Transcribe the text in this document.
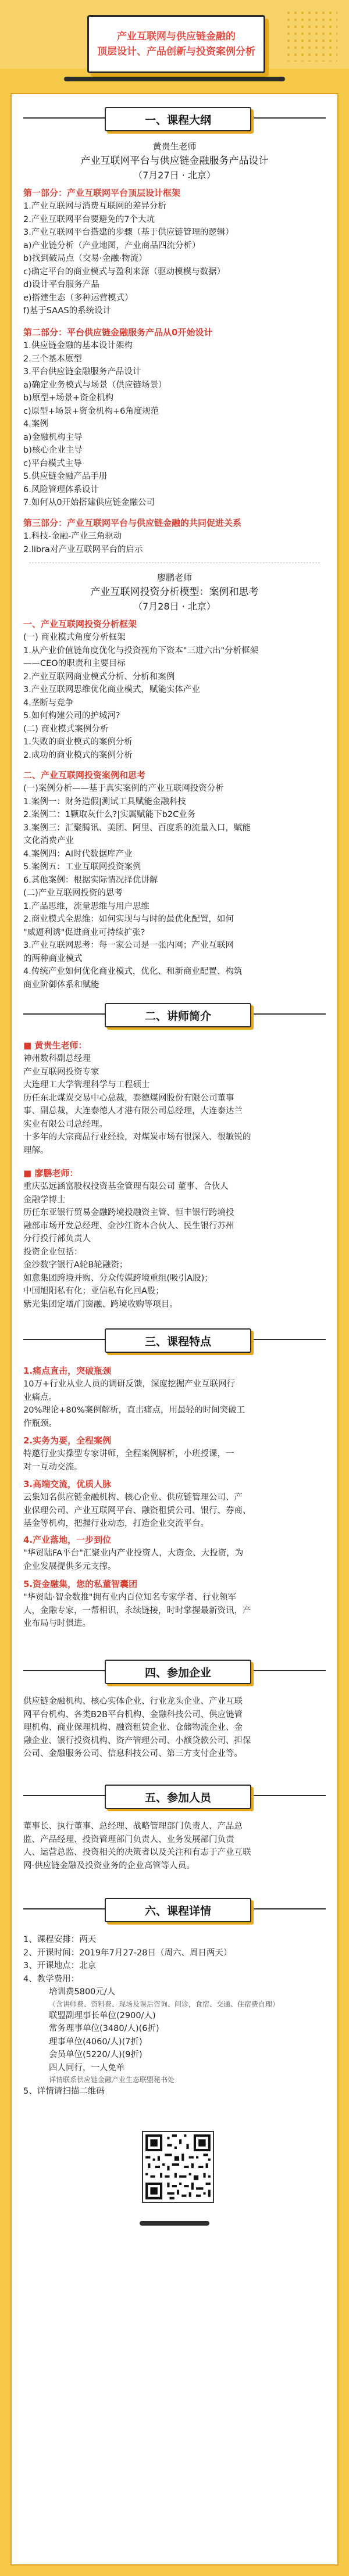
产业互联网与供应链金融的
顶层设计、产品创新与投资案例分析
一、课程大纲
黄贵生老师
产业互联网平台与供应链金融服务产品设计
（7月27日 · 北京）
第一部分：产业互联网平台顶层设计框架
1.产业互联网与消费互联网的差异分析
2.产业互联网平台要避免的7个大坑
3.产业互联网平台搭建的步骤（基于供应链管理的逻辑）
a)产业链分析（产业地图，产业商品四流分析）
b)找到破局点（交易·金融·物流）
c)确定平台的商业模式与盈利来源（驱动模模与数据）
d)设计平台服务产品
e)搭建生态（多种运营模式）
f)基于SAAS的系统设计
第二部分：平台供应链金融服务产品从0开始设计
1.供应链金融的基本设计架构
2.三个基本原型
3.平台供应链金融服务产品设计
a)确定业务模式与场景（供应链场景）
b)原型+场景+资金机构
c)原型+场景+资金机构+6角度规范
4.案例
a)金融机构主导
b)核心企业主导
c)平台模式主导
5.供应链金融产品手册
6.风险管理体系设计
7.如何从0开始搭建供应链金融公司
第三部分：产业互联网平台与供应链金融的共同促进关系
1.科技-金融-产业三角驱动
2.libra对产业互联网平台的启示
廖鹏老师
产业互联网投资分析模型：案例和思考
（7月28日 · 北京）
一、产业互联网投资分析框架
(一) 商业模式角度分析框架
1.从产业价值链角度优化与投资视角下资本"三进六出"分析框架
——CEO的职责和主要目标
2.产业互联网商业模式分析、分析和案例
3.产业互联网思维优化商业模式，赋能实体产业
4.垄断与竞争
5.如何构建公司的护城河?
(二) 商业模式案例分析
1.失败的商业模式的案例分析
2.成功的商业模式的案例分析
二、产业互联网投资案例和思考
(一)案例分析——基于真实案例的产业互联网投资分析
1.案例一：财务造假|测试工具赋能金融科技
2.案例二：1颗取灰什么?|实属赋能下b2C业务
3.案例三：汇聚腾讯、美团、阿里、百度系的流量入口，赋能
文化消费产业
4.案例四：AI时代数据库产业
5.案例五：工业互联网投资案例
6.其他案例：根据实际情况择优讲解
(二)产业互联网投资的思考
1.产品思维，流量思维与用户思维
2.商业模式全思维：如何实现与与时的最优化配置，如何
"威逼利诱"促进商业可持续扩张?
3.产业互联网思考：每一家公司是一张内网；产业互联网
的两种商业模式
4.传统产业如何优化商业模式，优化、和新商业配置、构筑
商业阶御体系和赋能
二、讲师简介
■ 黄贵生老师：
神州数科副总经理
产业互联网投资专家
大连理工大学管理科学与工程硕士
历任东北煤炭交易中心总裁，泰德煤网股份有限公司董事
事、副总裁，大连泰德人才港有限公司总经理，大连泰达兰
实业有限公司总经理。
十多年的大宗商品行业经验，对煤炭市场有很深入、很敏锐的
理解。
■ 廖鹏老师：
重庆弘远涵富股权投资基金管理有限公司 董事、合伙人
金融学博士
历任东亚银行贸易金融跨境投融资主管、恒丰银行跨境投
融部市场开发总经理、金沙江资本合伙人、民生银行苏州
分行投行部负责人
投资企业包括：
金沙数字银行A轮B轮融资；
如意集团跨境并购、分众传媒跨境重组(吸引A股)；
中国旭阳私有化；亚信私有化回A股；
紫光集团定增/门窗融、跨境收购等项目。
三、课程特点
1.痛点直击，突破瓶颈
10万+行业从业人员的调研反馈，深度挖掘产业互联网行
业痛点。
20%理论+80%案例解析，直击痛点，用最轻的时间突破工
作瓶颈。
2.实务为要，全程案例
特邀行业实操型专家讲师，全程案例解析，小班授课，一
对一互动交流。
3.高端交流，优质人脉
云集知名供应链金融机构、核心企业、供应链管理公司、产
业保理公司、产业互联网平台、融资租赁公司、银行、券商、
基金等机构，把握行业动态，打造企业交流平台。
4.产业落地，一步到位
"华贸陆FA平台"汇聚业内产业投资人，大资金、大投资，为
企业发展提供多元支撑。
5.资金融集，您的私董智囊团
"华贸陆·智金数推"拥有业内百位知名专家学者、行业领军
人，金融专家，一帮相识，永续链接，时时掌握最新资讯，产
业布局与时俱进。
四、参加企业
供应链金融机构、核心实体企业、行业龙头企业、产业互联
网平台机构、各类B2B平台机构、金融科技公司、供应链管
理机构、商业保理机构、融资租赁企业、仓储物流企业、金
融企业、银行投资机构、资产管理公司、小额贷款公司、担保
公司、金融服务公司、信息科技公司、第三方支付企业等。
五、参加人员
董事长、执行董事、总经理、战略管理部门负责人、产品总
监、产品经理、投资管理部门负责人、业务发展部门负责
人、运营总监、投资相关的决策者以及关注和有志于产业互联
网·供应链金融及投资业务的企业高管等人员。
六、课程详情
1、课程安排：两天
2、开课时间：2019年7月27-28日（周六、周日两天）
3、开课地点：北京
4、教学费用：
培训费5800元/人
（含讲师费、资料费、现场及课后咨询、问诊，食宿、交通、住宿费自理）
联盟副理事长单位(2900/人)
常务理事单位(3480/人)(6折)
理事单位(4060/人)(7折)
会员单位(5220/人)(9折)
四人同行，一人免单
详情联系供应链金融产业生态联盟秘书处
5、详情请扫描二维码
